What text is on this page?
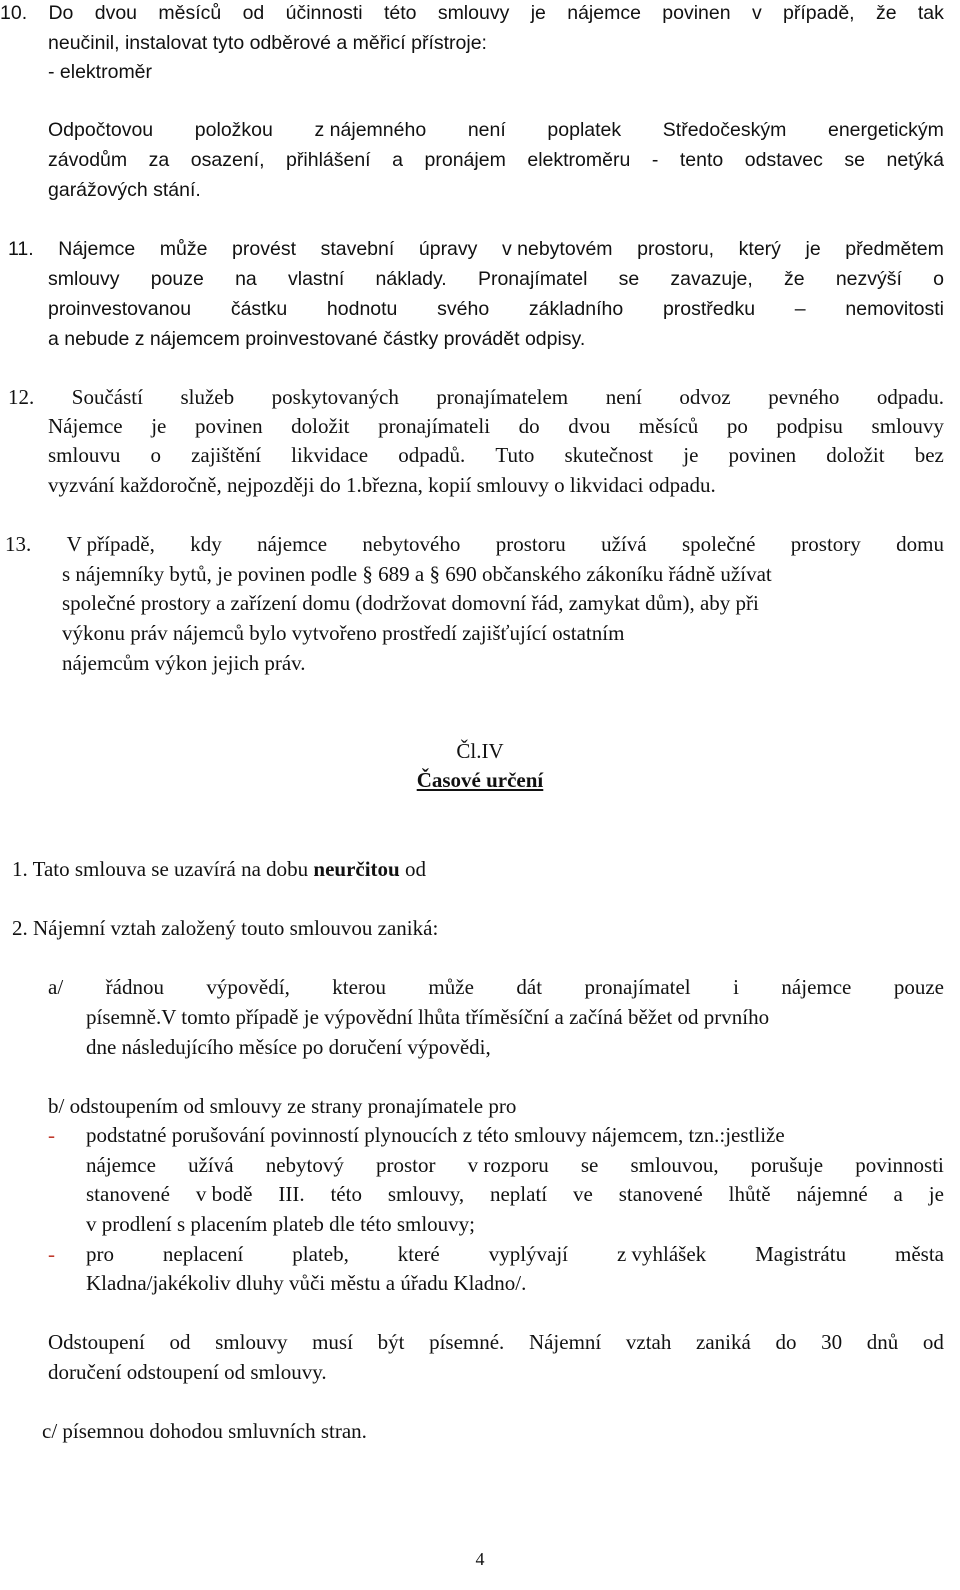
10. Do dvou měsíců od účinnosti této smlouvy je nájemce povinen v případě, že tak
neučinil, instalovat tyto odběrové a měřicí přístroje:
- elektroměr
Odpočtovou položkou z nájemného není poplatek Středočeským energetickým
závodům za osazení, přihlášení a pronájem elektroměru - tento odstavec se netýká
garážových stání.
11. Nájemce může provést stavební úpravy v nebytovém prostoru, který je předmětem
smlouvy pouze na vlastní náklady. Pronajímatel se zavazuje, že nezvýší o
proinvestovanou částku hodnotu svého základního prostředku – nemovitosti
a nebude z nájemcem proinvestované částky provádět odpisy.
12. Součástí služeb poskytovaných pronajímatelem není odvoz pevného odpadu.
Nájemce je povinen doložit pronajímateli do dvou měsíců po podpisu smlouvy
smlouvu o zajištění likvidace odpadů. Tuto skutečnost je povinen doložit bez
vyzvání každoročně, nejpozději do 1.března, kopií smlouvy o likvidaci odpadu.
13. V případě, kdy nájemce nebytového prostoru užívá společné prostory domu
s nájemníky bytů, je povinen podle § 689 a § 690 občanského zákoníku řádně užívat
společné prostory a zařízení domu (dodržovat domovní řád, zamykat dům), aby při
výkonu práv nájemců bylo vytvořeno prostředí zajišťující ostatním
nájemcům výkon jejich práv.
Čl.IV
Časové určení
1. Tato smlouva se uzavírá na dobu neurčitou od
2. Nájemní vztah založený touto smlouvou zaniká:
a/ řádnou výpovědí, kterou může dát pronajímatel i nájemce pouze
písemně.V tomto případě je výpovědní lhůta tříměsíční a začíná běžet od prvního
dne následujícího měsíce po doručení výpovědi,
b/ odstoupením od smlouvy ze strany pronajímatele pro
- podstatné porušování povinností plynoucích z této smlouvy nájemcem, tzn.:jestliže
nájemce užívá nebytový prostor v rozporu se smlouvou, porušuje povinnosti
stanovené v bodě III. této smlouvy, neplatí ve stanovené lhůtě nájemné a je
v prodlení s placením plateb dle této smlouvy;
- pro neplacení plateb, které vyplývají z vyhlášek Magistrátu města
Kladna/jakékoliv dluhy vůči městu a úřadu Kladno/.
Odstoupení od smlouvy musí být písemné. Nájemní vztah zaniká do 30 dnů od
doručení odstoupení od smlouvy.
c/ písemnou dohodou smluvních stran.
4
